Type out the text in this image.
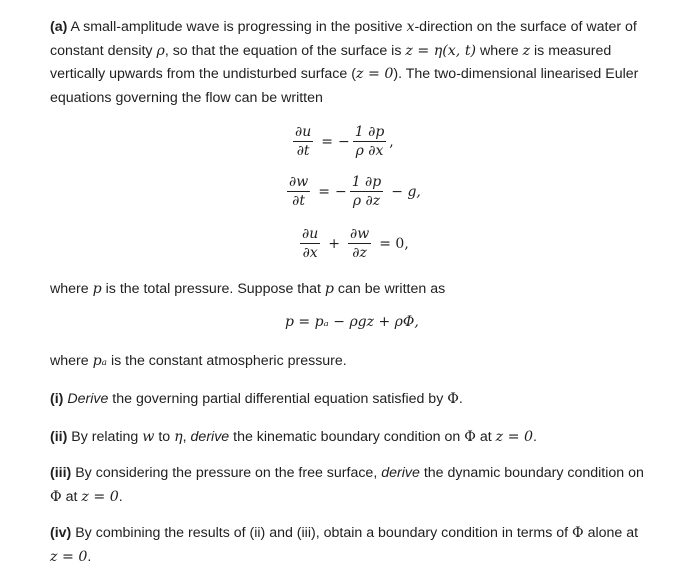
(a) A small-amplitude wave is progressing in the positive x-direction on the surface of water of
constant density ρ, so that the equation of the surface is z = η(x, t) where z is measured
vertically upwards from the undisturbed surface (z = 0). The two-dimensional linearised Euler
equations governing the flow can be written
$\frac{\partial u}{\partial t}$ = − $\frac{1 \partial p}{\rho \partial x}$ ,
$\frac{\partial w}{\partial t}$ = − $\frac{1 \partial p}{\rho \partial z} - g$,
$\frac{\partial u}{\partial x} + \frac{\partial w}{\partial z} = 0$,
where p is the total pressure. Suppose that p can be written as
p = pₐ − ρgz + ρΦ,
where pₐ is the constant atmospheric pressure.
(i) Derive the governing partial differential equation satisfied by Φ.
(ii) By relating w to η, derive the kinematic boundary condition on Φ at z = 0.
(iii) By considering the pressure on the free surface, derive the dynamic boundary condition on
Φ at z = 0.
(iv) By combining the results of (ii) and (iii), obtain a boundary condition in terms of Φ alone at
z = 0.
